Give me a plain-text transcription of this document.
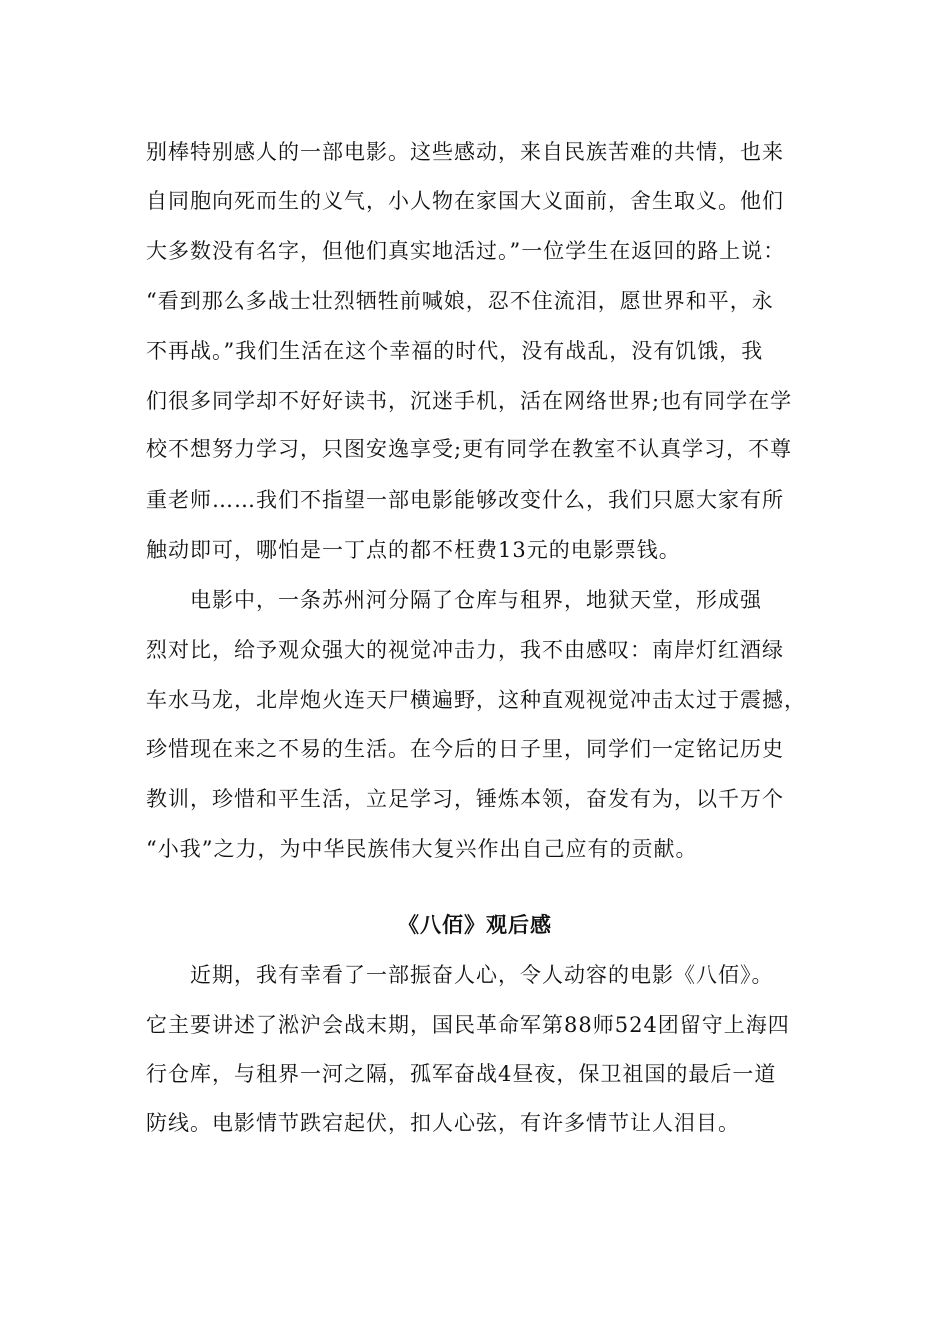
别棒特别感人的一部电影。这些感动，来自民族苦难的共情，也来
自同胞向死而生的义气，小人物在家国大义面前，舍生取义。他们
大多数没有名字，但他们真实地活过。”一位学生在返回的路上说：
“看到那么多战士壮烈牺牲前喊娘，忍不住流泪，愿世界和平，永
不再战。”我们生活在这个幸福的时代，没有战乱，没有饥饿，我
们很多同学却不好好读书，沉迷手机，活在网络世界;也有同学在学
校不想努力学习，只图安逸享受;更有同学在教室不认真学习，不尊
重老师……我们不指望一部电影能够改变什么，我们只愿大家有所
触动即可，哪怕是一丁点的都不枉费13元的电影票钱。
　　电影中，一条苏州河分隔了仓库与租界，地狱天堂，形成强
烈对比，给予观众强大的视觉冲击力，我不由感叹：南岸灯红酒绿
车水马龙，北岸炮火连天尸横遍野，这种直观视觉冲击太过于震撼，
珍惜现在来之不易的生活。在今后的日子里，同学们一定铭记历史
教训，珍惜和平生活，立足学习，锤炼本领，奋发有为，以千万个
“小我”之力，为中华民族伟大复兴作出自己应有的贡献。
《八佰》观后感
　　近期，我有幸看了一部振奋人心，令人动容的电影《八佰》。
它主要讲述了淞沪会战末期，国民革命军第88师524团留守上海四
行仓库，与租界一河之隔，孤军奋战4昼夜，保卫祖国的最后一道
防线。电影情节跌宕起伏，扣人心弦，有许多情节让人泪目。
